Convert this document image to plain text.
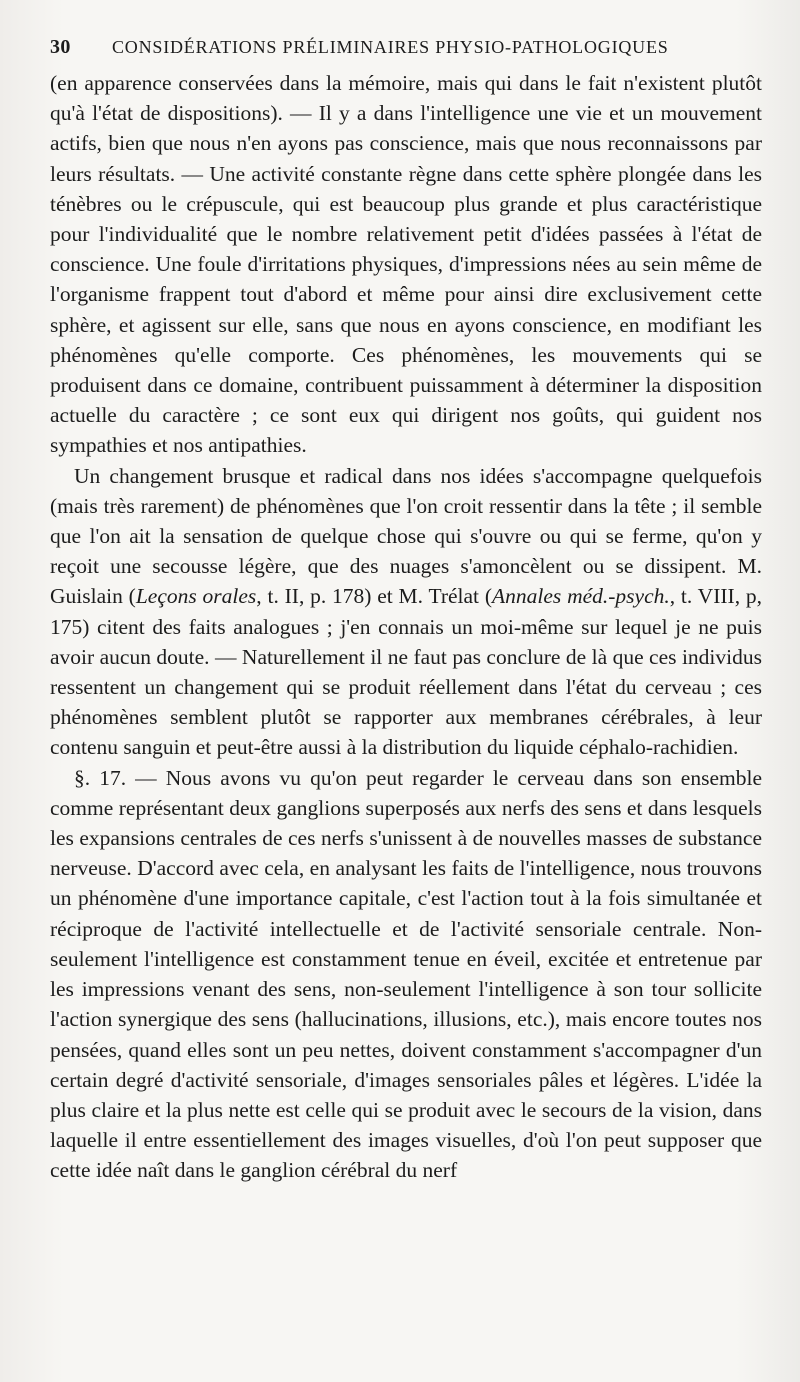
30	CONSIDÉRATIONS PRÉLIMINAIRES PHYSIO-PATHOLOGIQUES

(en apparence conservées dans la mémoire, mais qui dans le fait n'existent plutôt qu'à l'état de dispositions). — Il y a dans l'intelligence une vie et un mouvement actifs, bien que nous n'en ayons pas conscience, mais que nous reconnaissons par leurs résultats. — Une activité constante règne dans cette sphère plongée dans les ténèbres ou le crépuscule, qui est beaucoup plus grande et plus caractéristique pour l'individualité que le nombre relativement petit d'idées passées à l'état de conscience. Une foule d'irritations physiques, d'impressions nées au sein même de l'organisme frappent tout d'abord et même pour ainsi dire exclusivement cette sphère, et agissent sur elle, sans que nous en ayons conscience, en modifiant les phénomènes qu'elle comporte. Ces phénomènes, les mouvements qui se produisent dans ce domaine, contribuent puissamment à déterminer la disposition actuelle du caractère ; ce sont eux qui dirigent nos goûts, qui guident nos sympathies et nos antipathies.

Un changement brusque et radical dans nos idées s'accompagne quelquefois (mais très rarement) de phénomènes que l'on croit ressentir dans la tête ; il semble que l'on ait la sensation de quelque chose qui s'ouvre ou qui se ferme, qu'on y reçoit une secousse légère, que des nuages s'amoncèlent ou se dissipent. M. Guislain (Leçons orales, t. II, p. 178) et M. Trélat (Annales méd.-psych., t. VIII, p, 175) citent des faits analogues ; j'en connais un moi-même sur lequel je ne puis avoir aucun doute. — Naturellement il ne faut pas conclure de là que ces individus ressentent un changement qui se produit réellement dans l'état du cerveau ; ces phénomènes semblent plutôt se rapporter aux membranes cérébrales, à leur contenu sanguin et peut-être aussi à la distribution du liquide céphalo-rachidien.

§. 17. — Nous avons vu qu'on peut regarder le cerveau dans son ensemble comme représentant deux ganglions superposés aux nerfs des sens et dans lesquels les expansions centrales de ces nerfs s'unissent à de nouvelles masses de substance nerveuse. D'accord avec cela, en analysant les faits de l'intelligence, nous trouvons un phénomène d'une importance capitale, c'est l'action tout à la fois simultanée et réciproque de l'activité intellectuelle et de l'activité sensoriale centrale. Non-seulement l'intelligence est constamment tenue en éveil, excitée et entretenue par les impressions venant des sens, non-seulement l'intelligence à son tour sollicite l'action synergique des sens (hallucinations, illusions, etc.), mais encore toutes nos pensées, quand elles sont un peu nettes, doivent constamment s'accompagner d'un certain degré d'activité sensoriale, d'images sensoriales pâles et légères. L'idée la plus claire et la plus nette est celle qui se produit avec le secours de la vision, dans laquelle il entre essentiellement des images visuelles, d'où l'on peut supposer que cette idée naît dans le ganglion cérébral du nerf
